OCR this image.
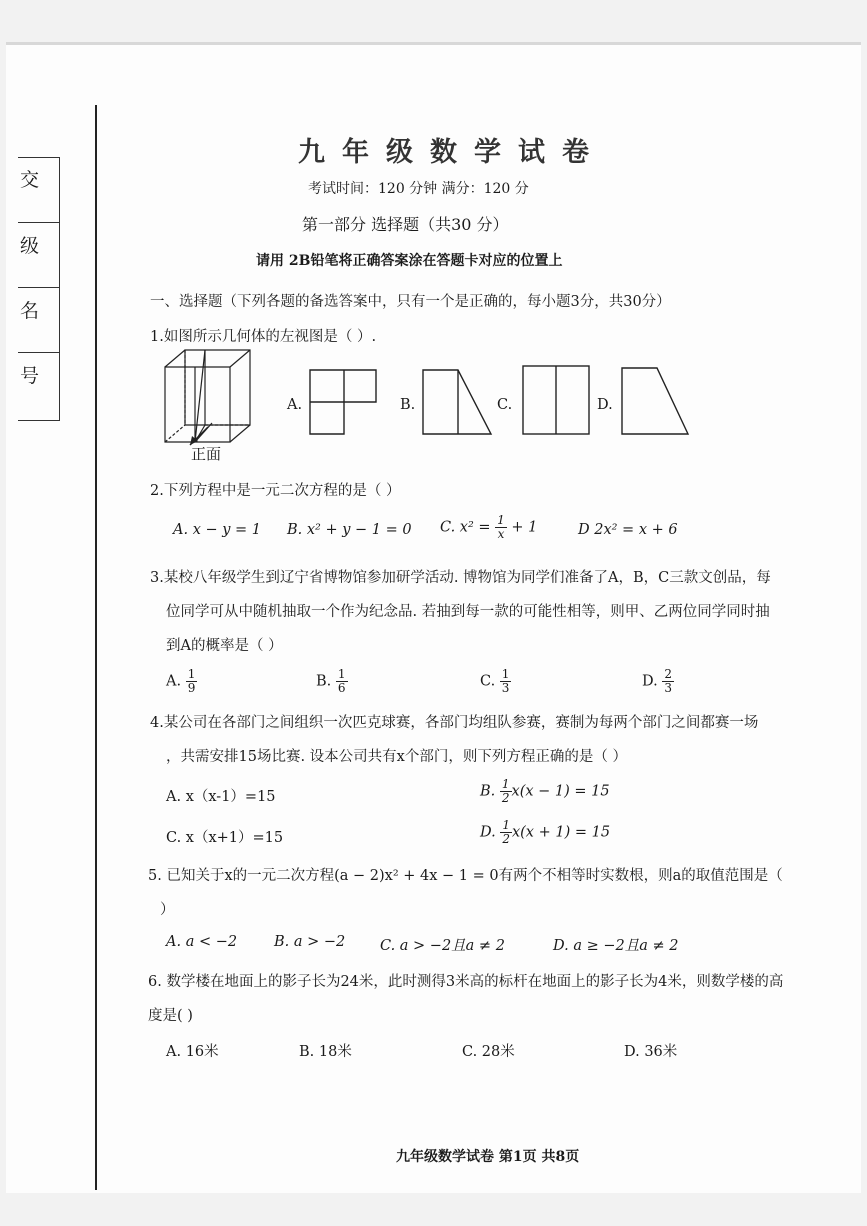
交
级
名
号
九年级数学试卷
考试时间：120 分钟 满分：120 分
第一部分 选择题（共30 分）
请用 2B铅笔将正确答案涂在答题卡对应的位置上
一、选择题（下列各题的备选答案中，只有一个是正确的，每小题3分，共30分）
1.如图所示几何体的左视图是（ ）.
正面
A.	B.	C.	D.
2.下列方程中是一元二次方程的是（ ）
A. x − y = 1 B. x² + y − 1 = 0 C. $x^2 = \frac{1}{x} + 1$	D 2x² = x + 6
3.某校八年级学生到辽宁省博物馆参加研学活动. 博物馆为同学们准备了A，B，C三款文创品，每
位同学可从中随机抽取一个作为纪念品. 若抽到每一款的可能性相等，则甲、乙两位同学同时抽
到A的概率是（ ）
A. $\frac{1}{9}$	B. $\frac{1}{6}$	C. $\frac{1}{3}$	D. $\frac{2}{3}$
4.某公司在各部门之间组织一次匹克球赛，各部门均组队参赛，赛制为每两个部门之间都赛一场
，共需安排15场比赛. 设本公司共有x个部门，则下列方程正确的是（ ）
A. x（x-1）=15	B. $\frac{1}{2} x(x - 1) = 15$
C. x（x+1）=15	D. $\frac{1}{2} x(x + 1) = 15$
5. 已知关于x的一元二次方程(a − 2)x² + 4x − 1 = 0有两个不相等时实数根，则a的取值范围是（
）
A. a < −2	B. a > −2 C. a > −2且a ≠ 2	D. a ≥ −2且a ≠ 2
6. 数学楼在地面上的影子长为24米，此时测得3米高的标杆在地面上的影子长为4米，则数学楼的高
度是( )
A. 16米	B. 18米	C. 28米	D. 36米
九年级数学试卷 第1页 共8页
